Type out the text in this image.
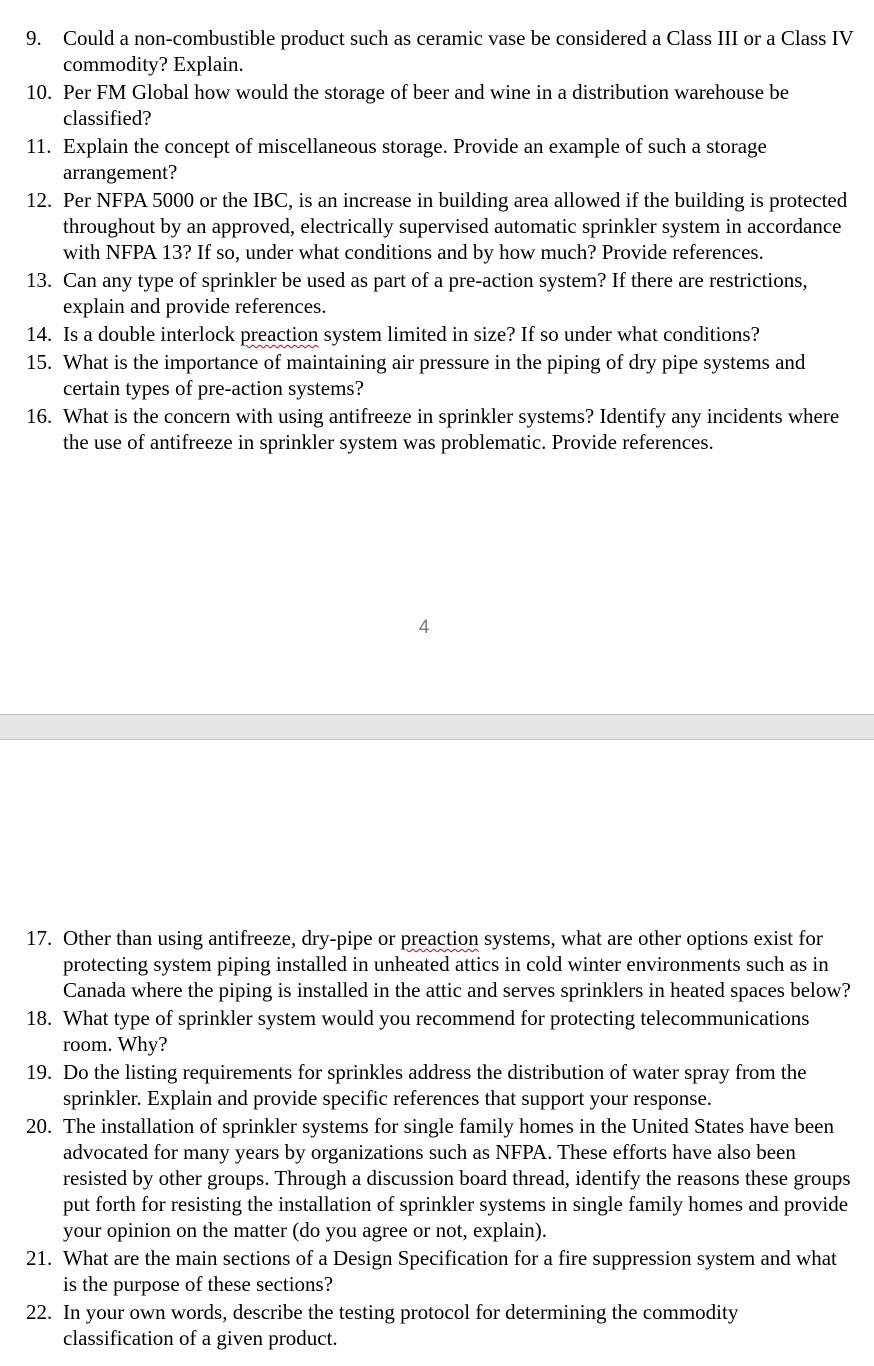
9.	Could a non-combustible product such as ceramic vase be considered a Class III or a Class IV commodity? Explain.
10. Per FM Global how would the storage of beer and wine in a distribution warehouse be classified?
11. Explain the concept of miscellaneous storage. Provide an example of such a storage arrangement?
12. Per NFPA 5000 or the IBC, is an increase in building area allowed if the building is protected throughout by an approved, electrically supervised automatic sprinkler system in accordance with NFPA 13? If so, under what conditions and by how much? Provide references.
13. Can any type of sprinkler be used as part of a pre-action system? If there are restrictions, explain and provide references.
14. Is a double interlock preaction system limited in size? If so under what conditions?
15. What is the importance of maintaining air pressure in the piping of dry pipe systems and certain types of pre-action systems?
16. What is the concern with using antifreeze in sprinkler systems? Identify any incidents where the use of antifreeze in sprinkler system was problematic. Provide references.
4
17. Other than using antifreeze, dry-pipe or preaction systems, what are other options exist for protecting system piping installed in unheated attics in cold winter environments such as in Canada where the piping is installed in the attic and serves sprinklers in heated spaces below?
18. What type of sprinkler system would you recommend for protecting telecommunications room. Why?
19. Do the listing requirements for sprinkles address the distribution of water spray from the sprinkler. Explain and provide specific references that support your response.
20. The installation of sprinkler systems for single family homes in the United States have been advocated for many years by organizations such as NFPA. These efforts have also been resisted by other groups. Through a discussion board thread, identify the reasons these groups put forth for resisting the installation of sprinkler systems in single family homes and provide your opinion on the matter (do you agree or not, explain).
21. What are the main sections of a Design Specification for a fire suppression system and what is the purpose of these sections?
22. In your own words, describe the testing protocol for determining the commodity classification of a given product.
